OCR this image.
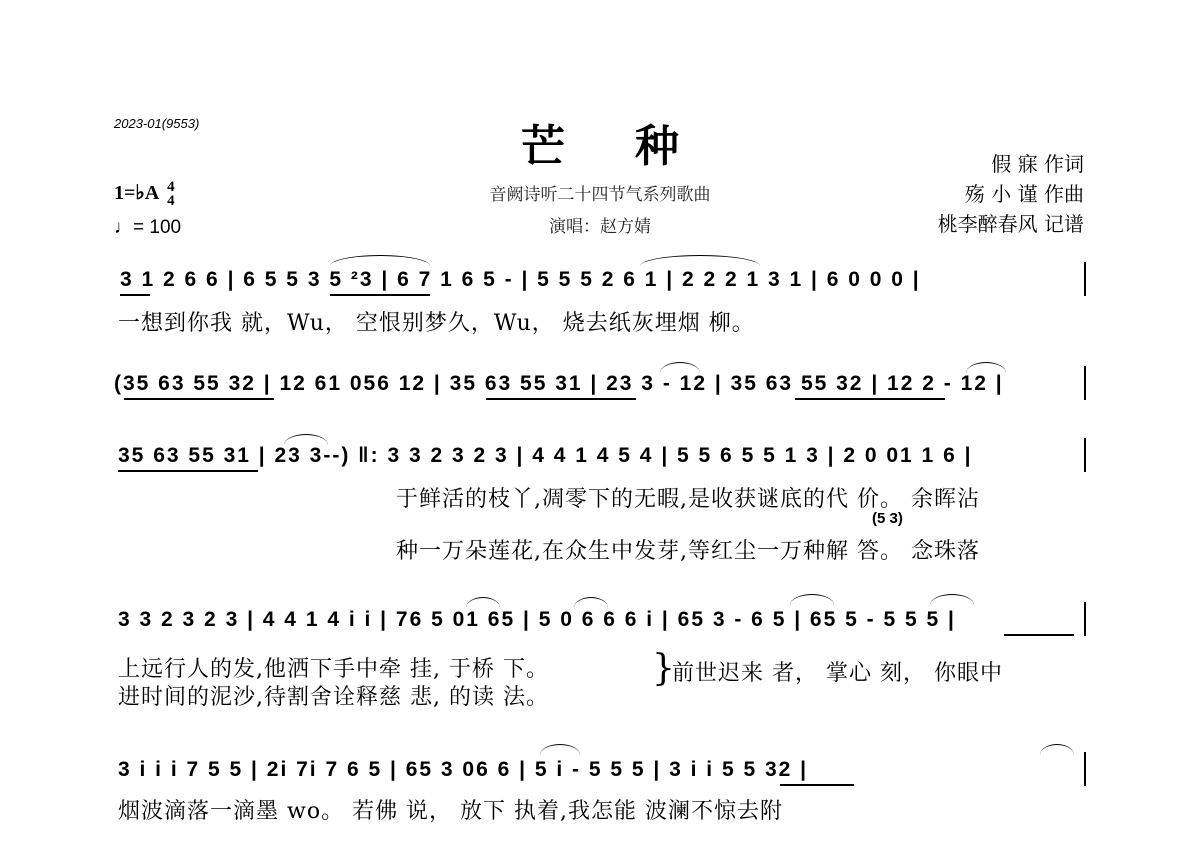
2023-01(9553)	芒种
音阙诗听二十四节气系列歌曲
演唱：赵方婧
假 寐 作词
殇 小 谨 作曲
桃李醉春风 记谱
1=♭A 4
4
♩= 100
3 1 2 6 6 | 6 5 5 3 5 ²3 | 6 7 1 6 5 - | 5 5 5 2 6 1 | 2 2 2 1 3 1 | 6 0 0 0 |
一想到你我 就，Wu， 空恨别梦久，Wu， 烧去纸灰埋烟 柳。
(35 63 55 32 | 12 61 056 12 | 35 63 55 31 | 23 3 - 12 | 35 63 55 32 | 12 2 - 12 |
35 63 55 31 | 23 3--) ‖: 3 3 2 3 2 3 | 4 4 1 4 5 4 | 5 5 6 5 5 1 3 | 2 0 01 1 6 |
于鲜活的枝丫,凋零下的无暇,是收获谜底的代 价。 余晖沾
(5 3)
种一万朵莲花,在众生中发芽,等红尘一万种解 答。 念珠落
3 3 2 3 2 3 | 4 4 1 4 i i | 76 5 01 65 | 5 0 6 6 6 i | 65 3 - 6 5 | 65 5 - 5 5 5 |
上远行人的发,他洒下手中牵 挂, 于桥 下。
进时间的泥沙,待割舍诠释慈 悲, 的读 法。
}
前世迟来 者， 掌心 刻， 你眼中
3 i i i 7 5 5 | 2i 7i 7 6 5 | 65 3 06 6 | 5 i - 5 5 5 | 3 i i 5 5 32 |
烟波滴落一滴墨 wo。 若佛 说， 放下 执着,我怎能 波澜不惊去附
